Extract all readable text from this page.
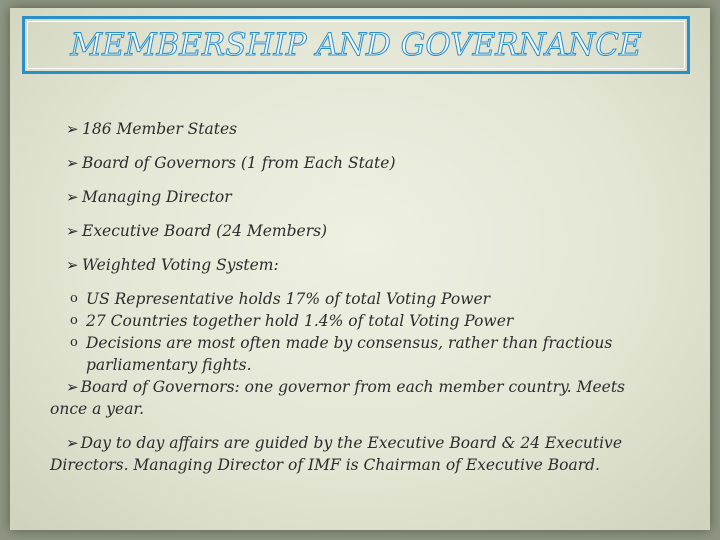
MEMBERSHIP AND GOVERNANCE
➢ 186 Member States
➢ Board of Governors (1 from Each State)
➢ Managing Director
➢ Executive Board (24 Members)
➢ Weighted Voting System:
o US Representative holds 17% of total Voting Power
o 27 Countries together hold 1.4% of total Voting Power
o Decisions are most often made by consensus, rather than fractious parliamentary fights.
➢ Board of Governors: one governor from each member country. Meets once a year.
➢ Day to day affairs are guided by the Executive Board & 24 Executive Directors. Managing Director of IMF is Chairman of Executive Board.
